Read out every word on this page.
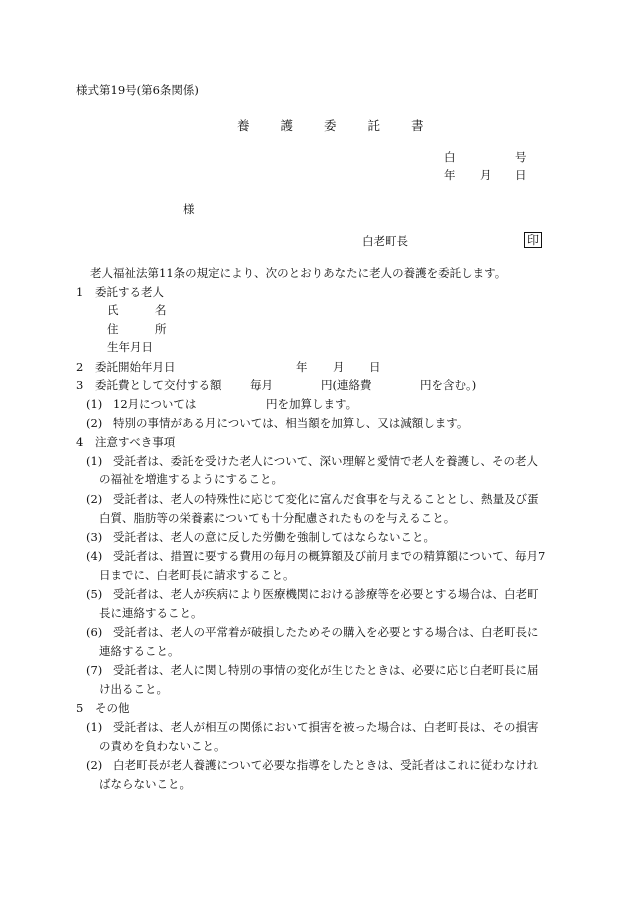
様式第19号(第6条関係)
養 護 委 託 書
白	号
年 月 日
様
白老町長	印
老人福祉法第11条の規定により、次のとおりあなたに老人の養護を委託します。
1 委託する老人
氏	名
住	所
生年月日
2 委託開始年月日	年 月 日
3 委託費として交付する額 毎月	円(連絡費	円を含む。)
(1) 12月については	円を加算します。
(2) 特別の事情がある月については、相当額を加算し、又は減額します。
4 注意すべき事項
(1) 受託者は、委託を受けた老人について、深い理解と愛情で老人を養護し、その老人
の福祉を増進するようにすること。
(2) 受託者は、老人の特殊性に応じて変化に富んだ食事を与えることとし、熱量及び蛋
白質、脂肪等の栄養素についても十分配慮されたものを与えること。
(3) 受託者は、老人の意に反した労働を強制してはならないこと。
(4) 受託者は、措置に要する費用の毎月の概算額及び前月までの精算額について、毎月7
日までに、白老町長に請求すること。
(5) 受託者は、老人が疾病により医療機関における診療等を必要とする場合は、白老町
長に連絡すること。
(6) 受託者は、老人の平常着が破損したためその購入を必要とする場合は、白老町長に
連絡すること。
(7) 受託者は、老人に関し特別の事情の変化が生じたときは、必要に応じ白老町長に届
け出ること。
5 その他
(1) 受託者は、老人が相互の関係において損害を被った場合は、白老町長は、その損害
の責めを負わないこと。
(2) 白老町長が老人養護について必要な指導をしたときは、受託者はこれに従わなけれ
ばならないこと。
